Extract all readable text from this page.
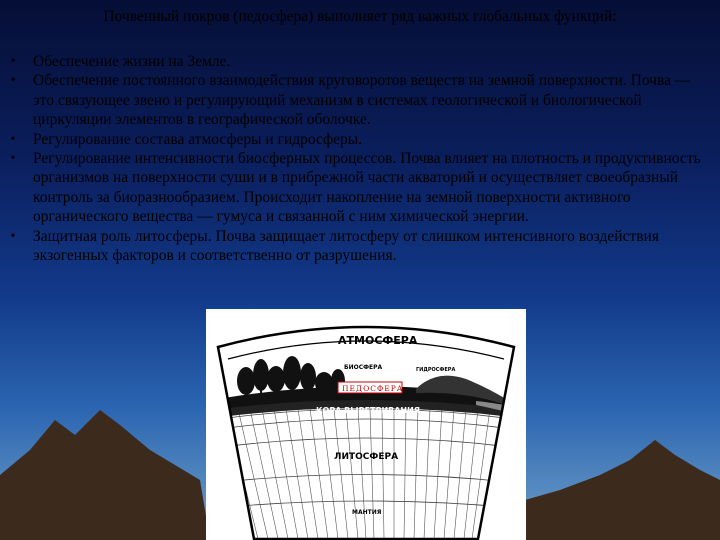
Почвенный покров (педосфера) выполняет ряд важных глобальных функций:
• Обеспечение жизни на Земле.
• Обеспечение постоянного взаимодействия круговоротов веществ на земной поверхности. Почва — это связующее звено и регулирующий механизм в системах геологической и биологической циркуляции элементов в географической оболочке.
• Регулирование состава атмосферы и гидросферы.
• Регулирование интенсивности биосферных процессов. Почва влияет на плотность и продуктивность организмов на поверхности суши и в прибрежной части акваторий и осуществляет своеобразный контроль за биоразнообразием. Происходит накопление на земной поверхности активного органического вещества — гумуса и связанной с ним химической энергии.
• Защитная роль литосферы. Почва защищает литосферу от слишком интенсивного воздействия экзогенных факторов и соответственно от разрушения.
АТМОСФЕРА
БИОСФЕРА
ПЕДОСФЕРА
ГИДРОСФЕРА
КОРА ВЫВЕТРИВАНИЯ
ЛИТОСФЕРА
МАНТИЯ
